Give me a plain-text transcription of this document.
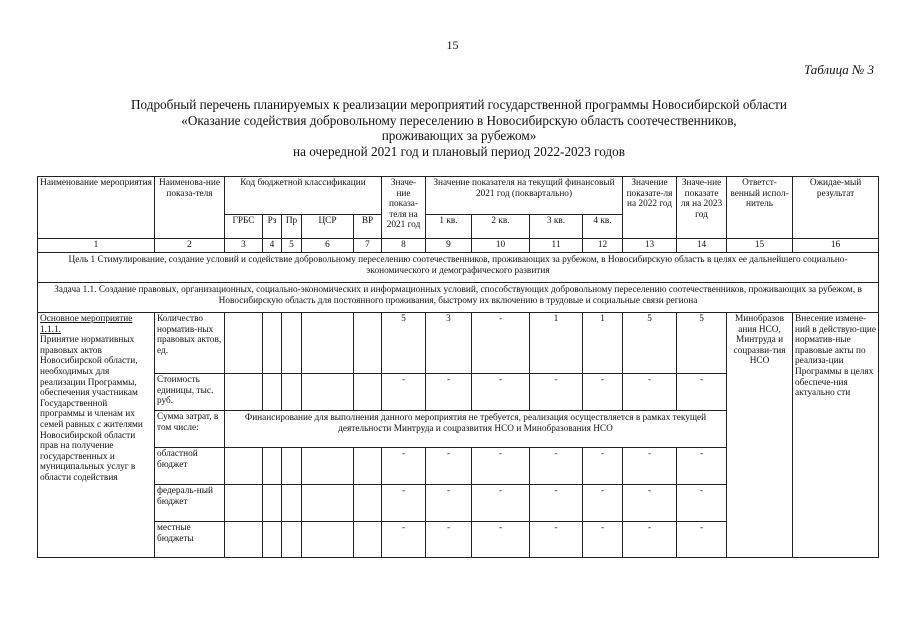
15
Таблица № 3
Подробный перечень планируемых к реализации мероприятий государственной программы Новосибирской области
«Оказание содействия добровольному переселению в Новосибирскую область соотечественников,
проживающих за рубежом»
на очередной 2021 год и плановый период 2022-2023 годов
Наименование мероприятия	Наименова-ние показа-теля	Код бюджетной классификации					Значе-ние показа-теля на 2021 год	Значение показателя на текущий финансовый 2021 год (поквартально)				Значение показате-ля на 2022 год	Значе-ние показате ля на 2023 год	Ответст-венный испол-нитель	Ожидае-мый результат
		ГРБС	Рз	Пр	ЦСР	ВР		1 кв.	2 кв.	3 кв.	4 кв.				
1	2	3	4	5	6	7	8	9	10	11	12	13	14	15	16
Цель 1 Стимулирование, создание условий и содействие добровольному переселению соотечественников, проживающих за рубежом, в Новосибирскую область в целях ее дальнейшего социально-экономического и демографического развития															
Задача 1.1. Создание правовых, организационных, социально-экономических и информационных условий, способствующих добровольному переселению соотечественников, проживающих за рубежом, в Новосибирскую область для постоянного проживания, быстрому их включению в трудовые и социальные связи региона															

Основное мероприятие
1.1.1.
Принятие нормативных правовых актов Новосибирской области, необходимых для реализации Программы, обеспечения участникам Государственной программы и членам их семей равных с жителями Новосибирской области прав на получение государственных и муниципальных услуг в области содействия	Количество норматив-ных правовых актов, ед.						5	3	-	1	1	5	5	Минобразов ания НСО, Минтруда и соцразви-тия НСО	Внесение измене-ний в действую-щие норматив-ные правовые акты по реализа-ции Программы в целях обеспече-ния актуально сти
	Стоимость единицы, тыс. руб.						-	-	-	-	-	-	-		
	Сумма затрат, в том числе:	Финансирование для выполнения данного мероприятия не требуется, реализация осуществляется в рамках текущей деятельности Минтруда и соцразвития НСО и Минобразования НСО													
	областной бюджет						-	-	-	-	-	-	-		
	федераль-ный бюджет						-	-	-	-	-	-	-		
	местные бюджеты						-	-	-	-	-	-	-		
